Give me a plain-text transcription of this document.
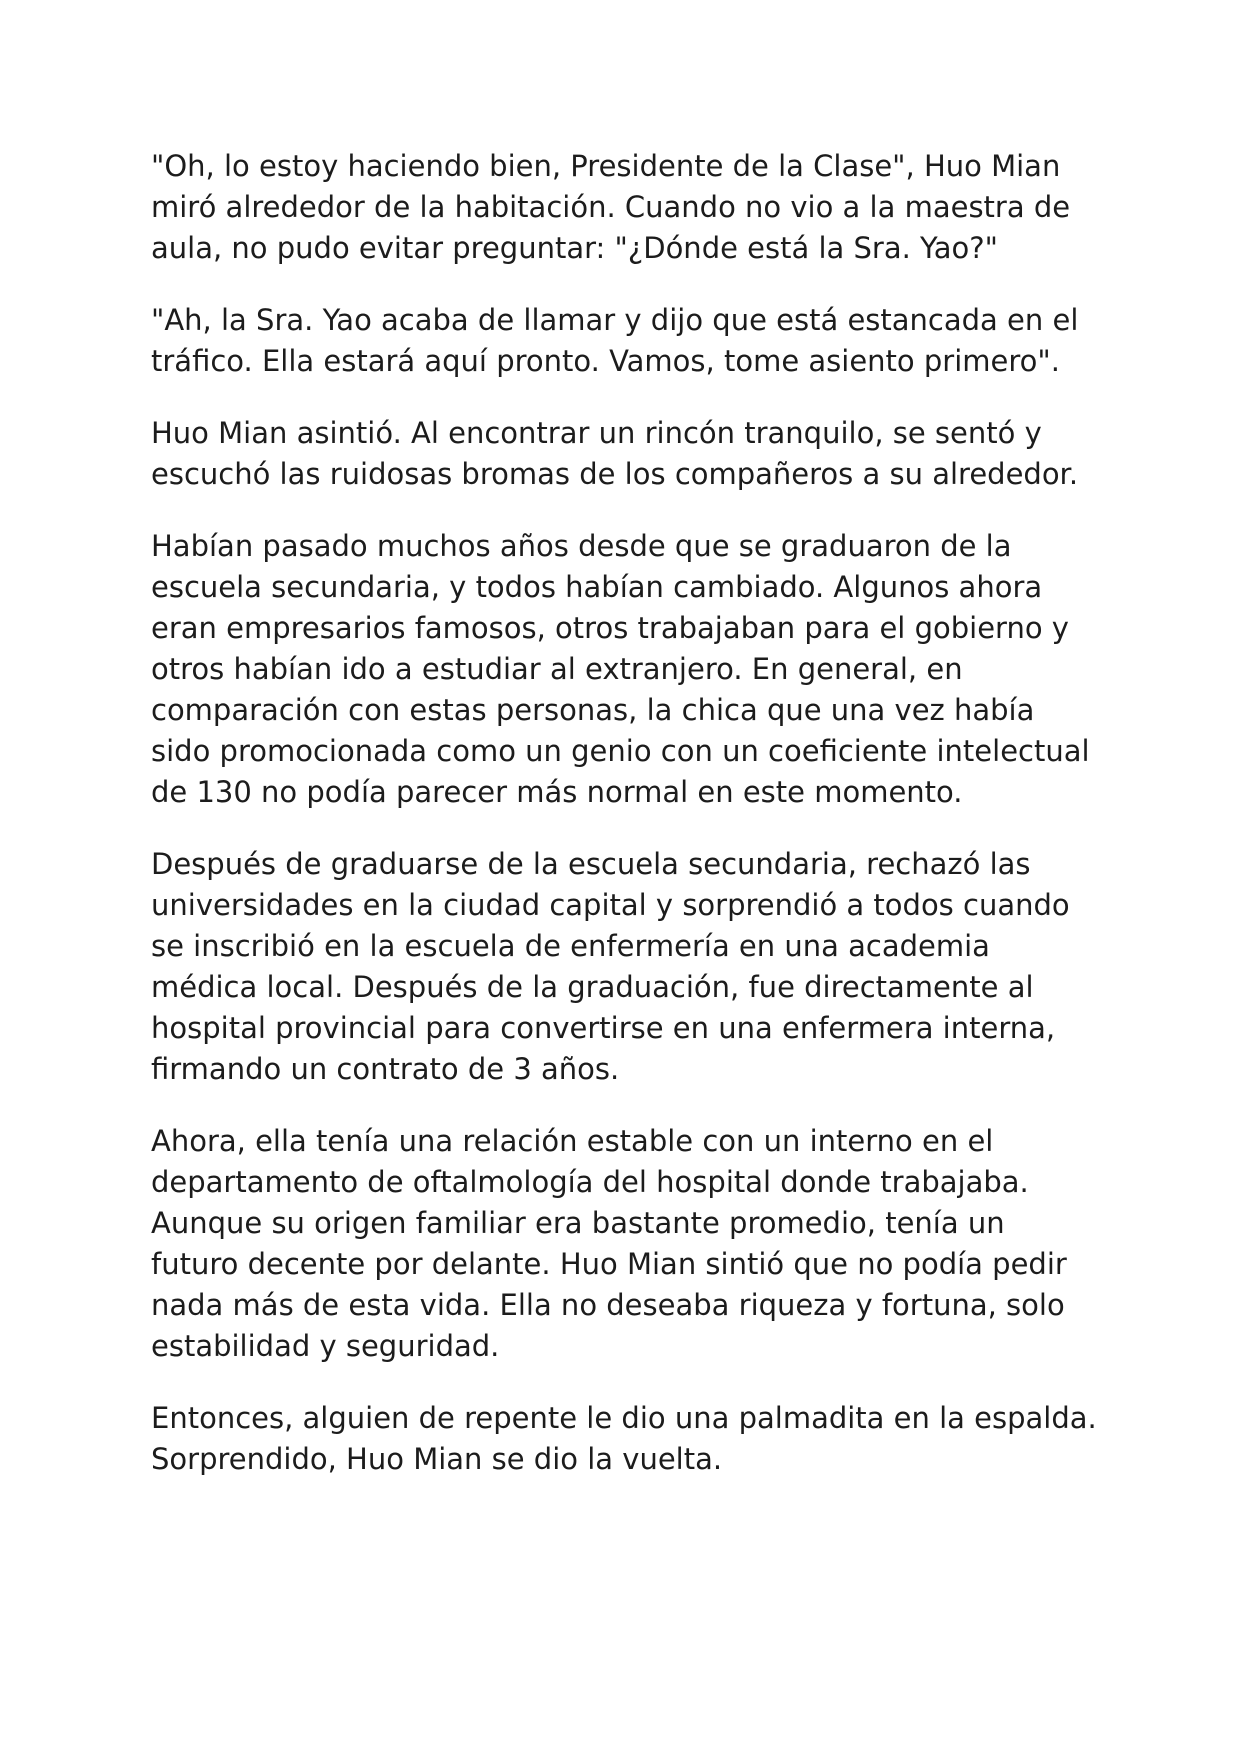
"Oh, lo estoy haciendo bien, Presidente de la Clase", Huo Mian miró alrededor de la habitación. Cuando no vio a la maestra de aula, no pudo evitar preguntar: "¿Dónde está la Sra. Yao?"

"Ah, la Sra. Yao acaba de llamar y dijo que está estancada en el tráfico. Ella estará aquí pronto. Vamos, tome asiento primero".

Huo Mian asintió. Al encontrar un rincón tranquilo, se sentó y escuchó las ruidosas bromas de los compañeros a su alrededor.

Habían pasado muchos años desde que se graduaron de la escuela secundaria, y todos habían cambiado. Algunos ahora eran empresarios famosos, otros trabajaban para el gobierno y otros habían ido a estudiar al extranjero. En general, en comparación con estas personas, la chica que una vez había sido promocionada como un genio con un coeficiente intelectual de 130 no podía parecer más normal en este momento.

Después de graduarse de la escuela secundaria, rechazó las universidades en la ciudad capital y sorprendió a todos cuando se inscribió en la escuela de enfermería en una academia médica local. Después de la graduación, fue directamente al hospital provincial para convertirse en una enfermera interna, firmando un contrato de 3 años.

Ahora, ella tenía una relación estable con un interno en el departamento de oftalmología del hospital donde trabajaba. Aunque su origen familiar era bastante promedio, tenía un futuro decente por delante. Huo Mian sintió que no podía pedir nada más de esta vida. Ella no deseaba riqueza y fortuna, solo estabilidad y seguridad.

Entonces, alguien de repente le dio una palmadita en la espalda. Sorprendido, Huo Mian se dio la vuelta.
